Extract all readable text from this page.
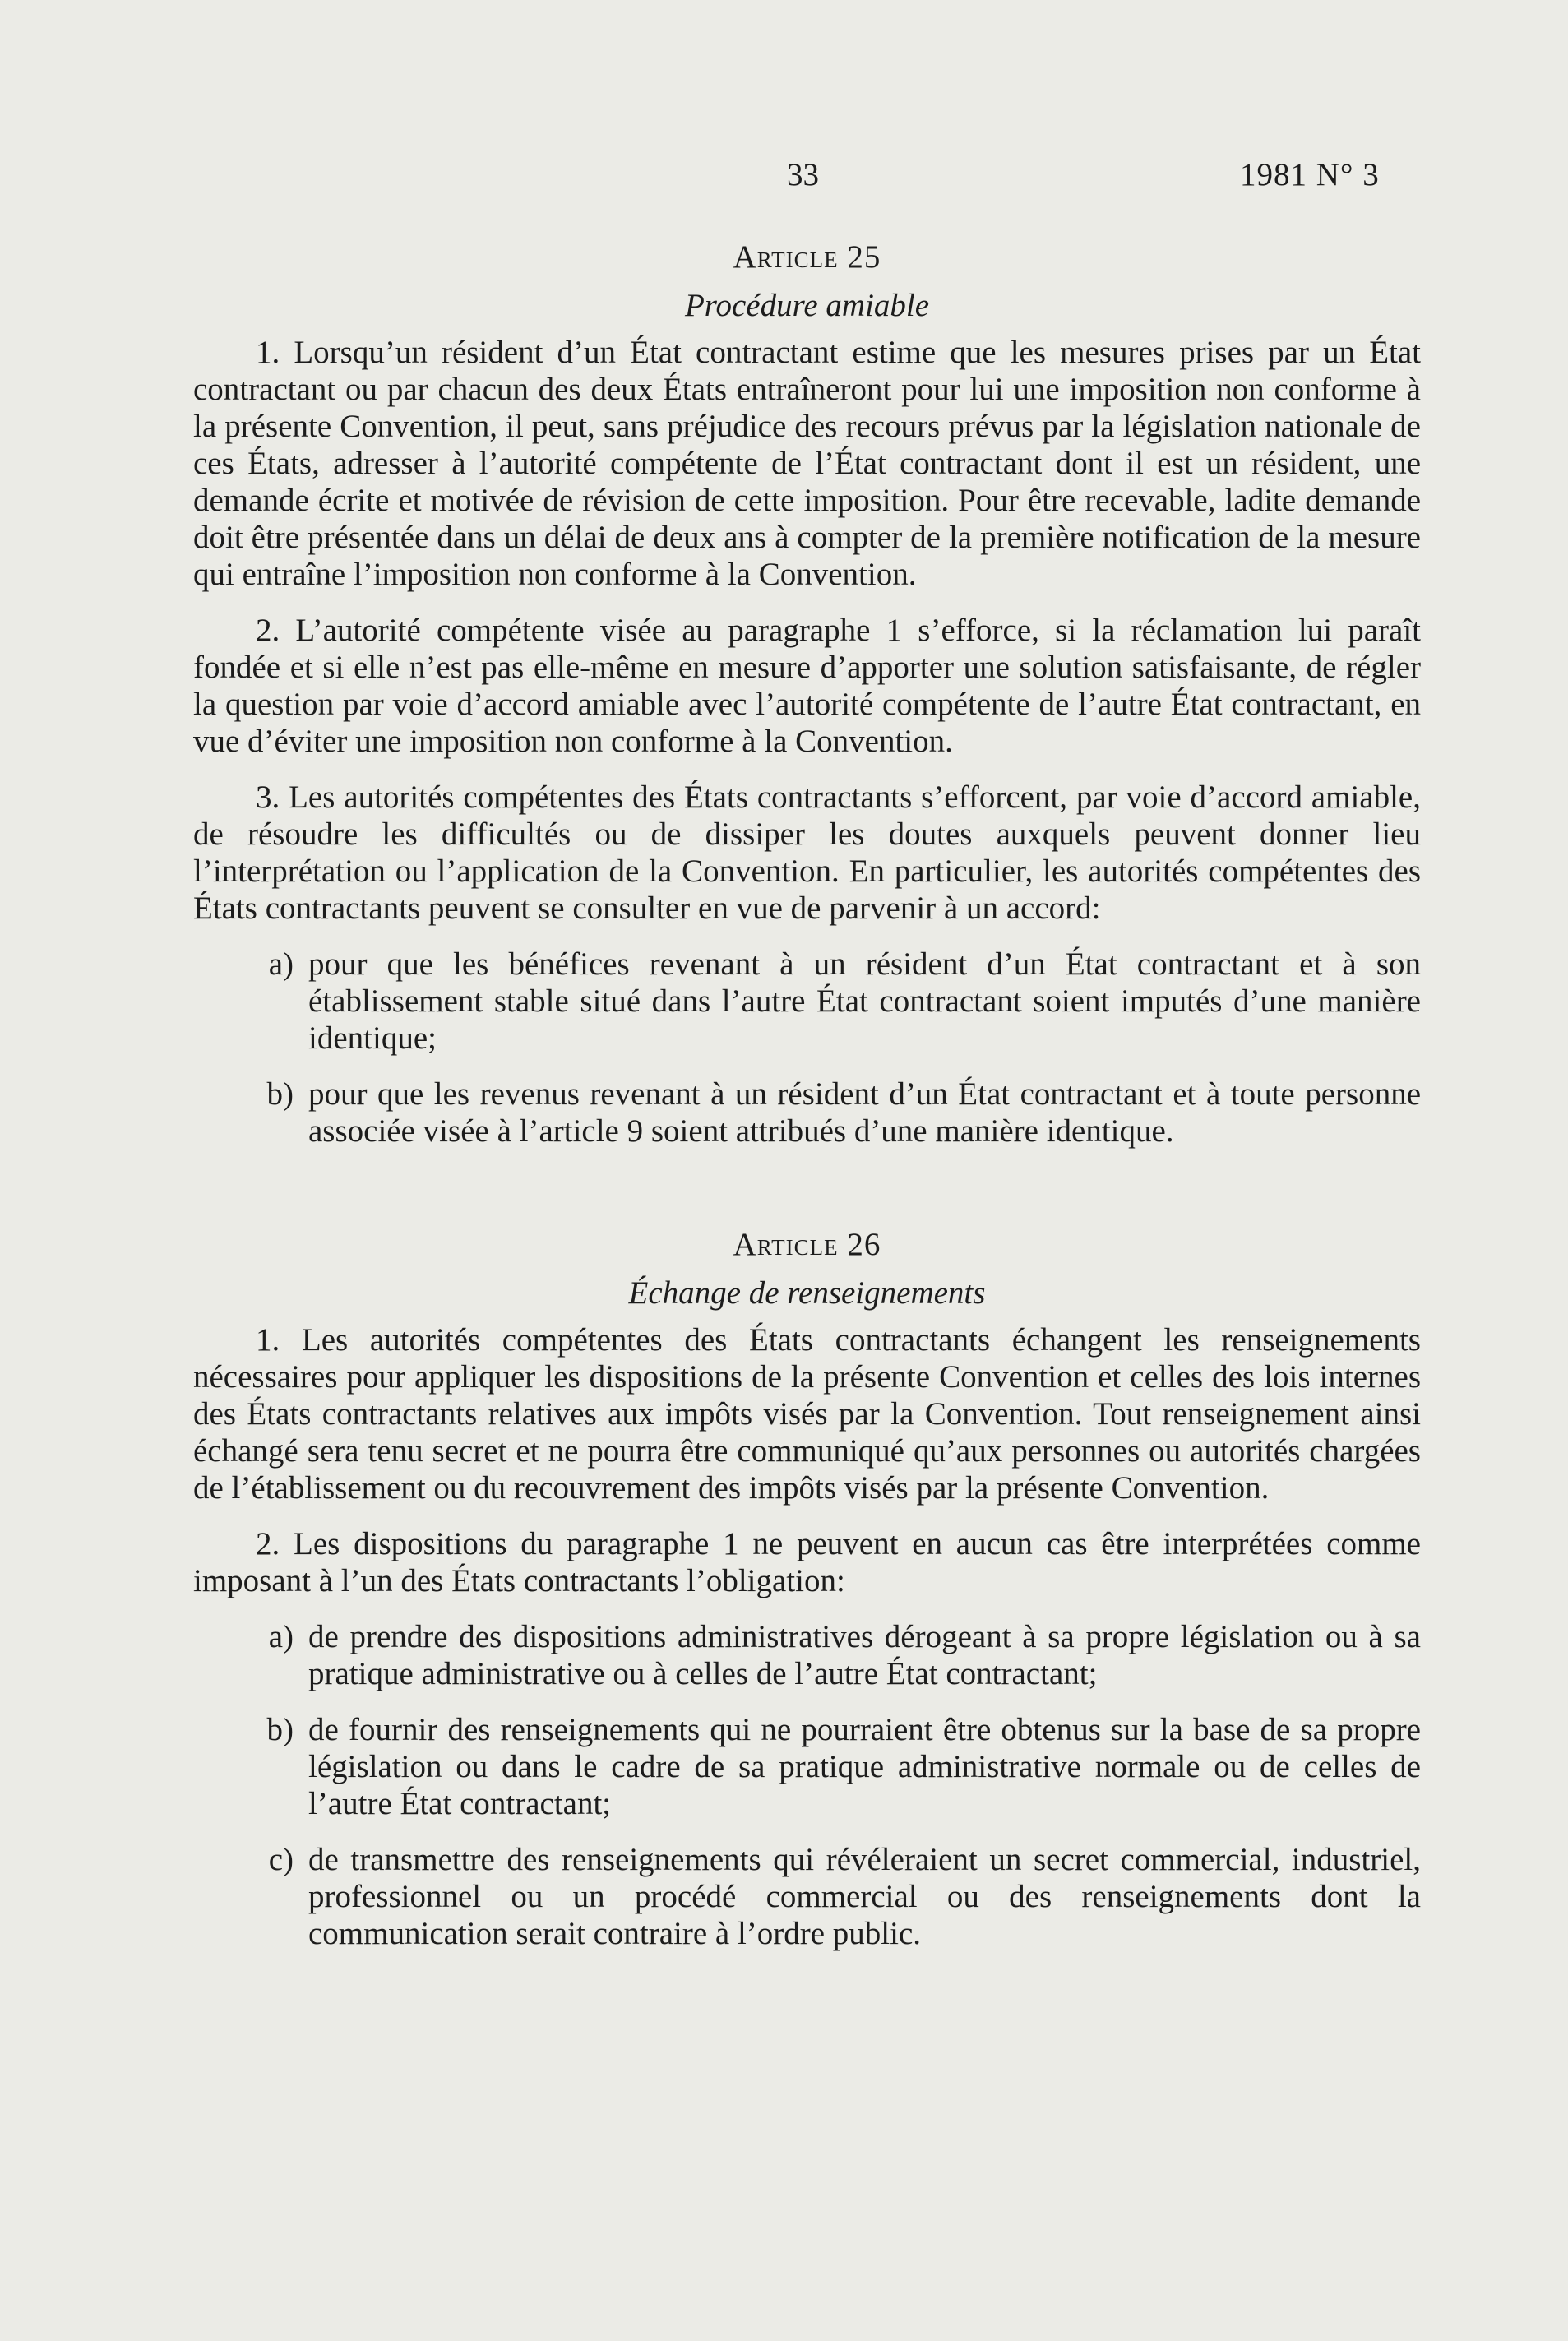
33	1981 N° 3

Article 25

Procédure amiable

1. Lorsqu’un résident d’un État contractant estime que les mesures prises par un État contractant ou par chacun des deux États entraîneront pour lui une imposition non conforme à la présente Convention, il peut, sans préjudice des recours prévus par la législation nationale de ces États, adresser à l’autorité compétente de l’État contractant dont il est un résident, une demande écrite et motivée de révision de cette imposition. Pour être recevable, ladite demande doit être présentée dans un délai de deux ans à compter de la première notification de la mesure qui entraîne l’imposition non conforme à la Convention.

2. L’autorité compétente visée au paragraphe 1 s’efforce, si la réclamation lui paraît fondée et si elle n’est pas elle-même en mesure d’apporter une solution satisfaisante, de régler la question par voie d’accord amiable avec l’autorité compétente de l’autre État contractant, en vue d’éviter une imposition non conforme à la Convention.

3. Les autorités compétentes des États contractants s’efforcent, par voie d’accord amiable, de résoudre les difficultés ou de dissiper les doutes auxquels peuvent donner lieu l’interprétation ou l’application de la Convention. En particulier, les autorités compétentes des États contractants peuvent se consulter en vue de parvenir à un accord:

a) pour que les bénéfices revenant à un résident d’un État contractant et à son établissement stable situé dans l’autre État contractant soient imputés d’une manière identique;
b) pour que les revenus revenant à un résident d’un État contractant et à toute personne associée visée à l’article 9 soient attribués d’une manière identique.

Article 26

Échange de renseignements

1. Les autorités compétentes des États contractants échangent les renseignements nécessaires pour appliquer les dispositions de la présente Convention et celles des lois internes des États contractants relatives aux impôts visés par la Convention. Tout renseignement ainsi échangé sera tenu secret et ne pourra être communiqué qu’aux personnes ou autorités chargées de l’établissement ou du recouvrement des impôts visés par la présente Convention.

2. Les dispositions du paragraphe 1 ne peuvent en aucun cas être interprétées comme imposant à l’un des États contractants l’obligation:

a) de prendre des dispositions administratives dérogeant à sa propre législation ou à sa pratique administrative ou à celles de l’autre État contractant;
b) de fournir des renseignements qui ne pourraient être obtenus sur la base de sa propre législation ou dans le cadre de sa pratique administrative normale ou de celles de l’autre État contractant;
c) de transmettre des renseignements qui révéleraient un secret commercial, industriel, professionnel ou un procédé commercial ou des renseignements dont la communication serait contraire à l’ordre public.
